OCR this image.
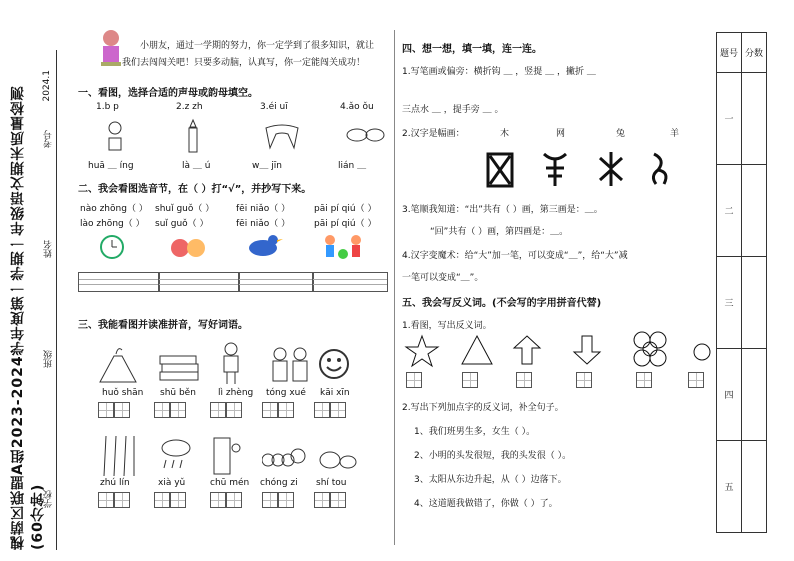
槐荫区联盟A组2023-2024学年度第一学期一年级语文期末质量检测(60分钟)
2024.1
学校
班级
姓名
考号
小朋友，通过一学期的努力，你一定学到了很多知识，就让
我们去闯闯关吧！只要多动脑，认真写，你一定能闯关成功！
一、看图，选择合适的声母或韵母填空。
1.b p	2.z zh	3.éi uī	4.ǎo ǒu
huā ＿ íng	là ＿ ú	w＿ jīn	lián ＿
二、我会看图选音节，在（ ）打“√”，并抄写下来。
nào zhōng（ ） shuǐ guǒ（ ） fēi niǎo（ ）	pāi pí qiú（ ）
lào zhōng（ ） suǐ guǒ（ ）	fēi niǎo（ ）	pāi pí qiú（ ）
三、我能看图并读准拼音，写好词语。
huǒ shān shū běn lì zhèng tóng xué kāi xīn
zhú lín	xià yǔ	chū mén chóng zi shí tou
四、想一想，填一填，连一连。
1.写笔画或偏旁：横折钩 ＿ ，竖提 ＿ ，撇折 ＿
三点水 ＿ ，提手旁 ＿ 。
2.汉字是幅画：	木	网	兔	羊
3.笔顺我知道：“出”共有（ ）画，第三画是：＿。
“回”共有（ ）画，第四画是：＿。
4.汉字变魔术：给“大”加一笔，可以变成“＿”，给“大”减
一笔可以变成“＿”。
五、我会写反义词。(不会写的字用拼音代替)
1.看图，写出反义词。
2.写出下列加点字的反义词，补全句子。
1、我们班男生多，女生（ ）。
2、小明的头发很短，我的头发很（ ）。
3、太阳从东边升起，从（ ）边落下。
4、这道题我做错了，你做（ ）了。
题号	分数
一	
二	
三	
四	
五	
